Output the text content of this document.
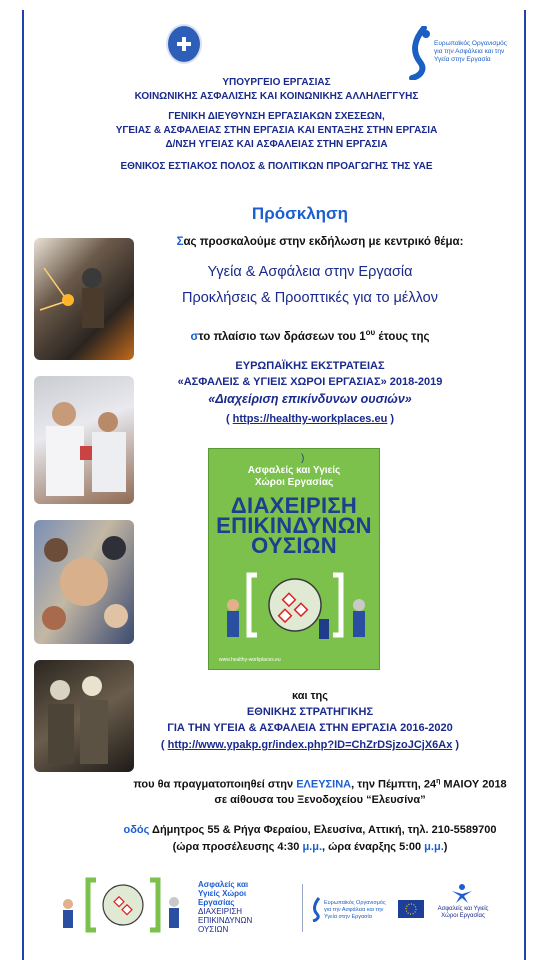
Ευρωπαϊκός Οργανισμός
για την Ασφάλεια και την
Υγεία στην Εργασία
ΥΠΟΥΡΓΕΙΟ ΕΡΓΑΣΙΑΣ
ΚΟΙΝΩΝΙΚΗΣ ΑΣΦΑΛΙΣΗΣ ΚΑΙ ΚΟΙΝΩΝΙΚΗΣ ΑΛΛΗΛΕΓΓΥΗΣ
ΓΕΝΙΚΗ ΔΙΕΥΘΥΝΣΗ ΕΡΓΑΣΙΑΚΩΝ ΣΧΕΣΕΩΝ,
ΥΓΕΙΑΣ & ΑΣΦΑΛΕΙΑΣ ΣΤΗΝ ΕΡΓΑΣΙΑ ΚΑΙ ΕΝΤΑΞΗΣ ΣΤΗΝ ΕΡΓΑΣΙΑ
Δ/ΝΣΗ ΥΓΕΙΑΣ ΚΑΙ ΑΣΦΑΛΕΙΑΣ ΣΤΗΝ ΕΡΓΑΣΙΑ
ΕΘΝΙΚΟΣ ΕΣΤΙΑΚΟΣ ΠΟΛΟΣ & ΠΟΛΙΤΙΚΩΝ ΠΡΟΑΓΩΓΗΣ ΤΗΣ ΥΑΕ
Πρόσκληση
Σας προσκαλούμε στην εκδήλωση με κεντρικό θέμα:
Υγεία & Ασφάλεια στην Εργασία
Προκλήσεις & Προοπτικές για το μέλλον
στο πλαίσιο των δράσεων του $1^{o\upsilon}$ έτους της
ΕΥΡΩΠΑΪΚΗΣ ΕΚΣΤΡΑΤΕΙΑΣ
«ΑΣΦΑΛΕΙΣ & ΥΓΙΕΙΣ ΧΩΡΟΙ ΕΡΓΑΣΙΑΣ» 2018-2019
«Διαχείριση επικίνδυνων ουσιών»
( https://healthy-workplaces.eu )
)
Ασφαλείς και Υγιείς
Χώροι Εργασίας
ΔΙΑΧΕΙΡΙΣΗ
ΕΠΙΚΙΝΔΥΝΩΝ
ΟΥΣΙΩΝ
www.healthy-workplaces.eu
και της
ΕΘΝΙΚΗΣ ΣΤΡΑΤΗΓΙΚΗΣ
ΓΙΑ ΤΗΝ ΥΓΕΙΑ & ΑΣΦΑΛΕΙΑ ΣΤΗΝ ΕΡΓΑΣΙΑ 2016-2020
( http://www.ypakp.gr/index.php?ID=ChZrDSjzoJCjX6Ax )
που θα πραγματοποιηθεί στην ΕΛΕΥΣΙΝΑ, την Πέμπτη, $24^\eta$ ΜΑΙΟΥ 2018
σε αίθουσα του Ξενοδοχείου “Ελευσίνα”
οδός Δήμητρος 55 & Ρήγα Φεραίου, Ελευσίνα, Αττική, τηλ. 210-5589700
(ώρα προσέλευσης 4:30 μ.μ., ώρα έναρξης 5:00 μ.μ.)
Ασφαλείς και
Υγιείς Χώροι
Εργασίας
ΔΙΑΧΕΙΡΙΣΗ
ΕΠΙΚΙΝΔΥΝΩΝ
ΟΥΣΙΩΝ
Ευρωπαϊκός Οργανισμός
για την Ασφάλεια και την
Υγεία στην Εργασία
Ασφαλείς και Υγιείς
Χώροι Εργασίας
